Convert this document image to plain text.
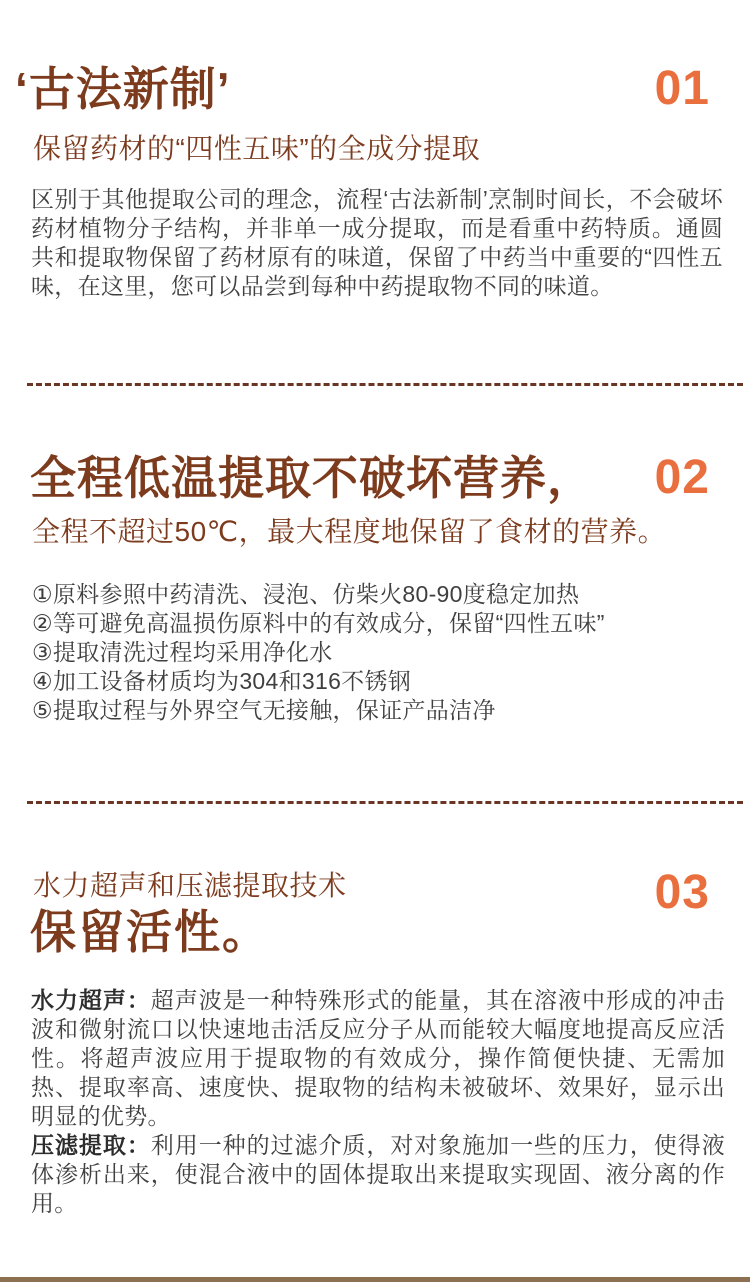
‘古法新制’	01
保留药材的“四性五味”的全成分提取

区别于其他提取公司的理念，流程‘古法新制’烹制时间长，不会破坏药材植物分子结构，并非单一成分提取，而是看重中药特质。通圆共和提取物保留了药材原有的味道，保留了中药当中重要的“四性五味，在这里，您可以品尝到每种中药提取物不同的味道。

全程低温提取不破坏营养， 02
全程不超过50℃，最大程度地保留了食材的营养。
①原料参照中药清洗、浸泡、仿柴火80-90度稳定加热
②等可避免高温损伤原料中的有效成分，保留“四性五味”
③提取清洗过程均采用净化水
④加工设备材质均为304和316不锈钢
⑤提取过程与外界空气无接触，保证产品洁净
水力超声和压滤提取技术
保留活性。
03

水力超声：超声波是一种特殊形式的能量，其在溶液中形成的冲击波和微射流口以快速地击活反应分子从而能较大幅度地提高反应活性。将超声波应用于提取物的有效成分，操作简便快捷、无需加热、提取率高、速度快、提取物的结构未被破坏、效果好，显示出明显的优势。

压滤提取：利用一种的过滤介质，对对象施加一些的压力，使得液体渗析出来，使混合液中的固体提取出来提取实现固、液分离的作用。
